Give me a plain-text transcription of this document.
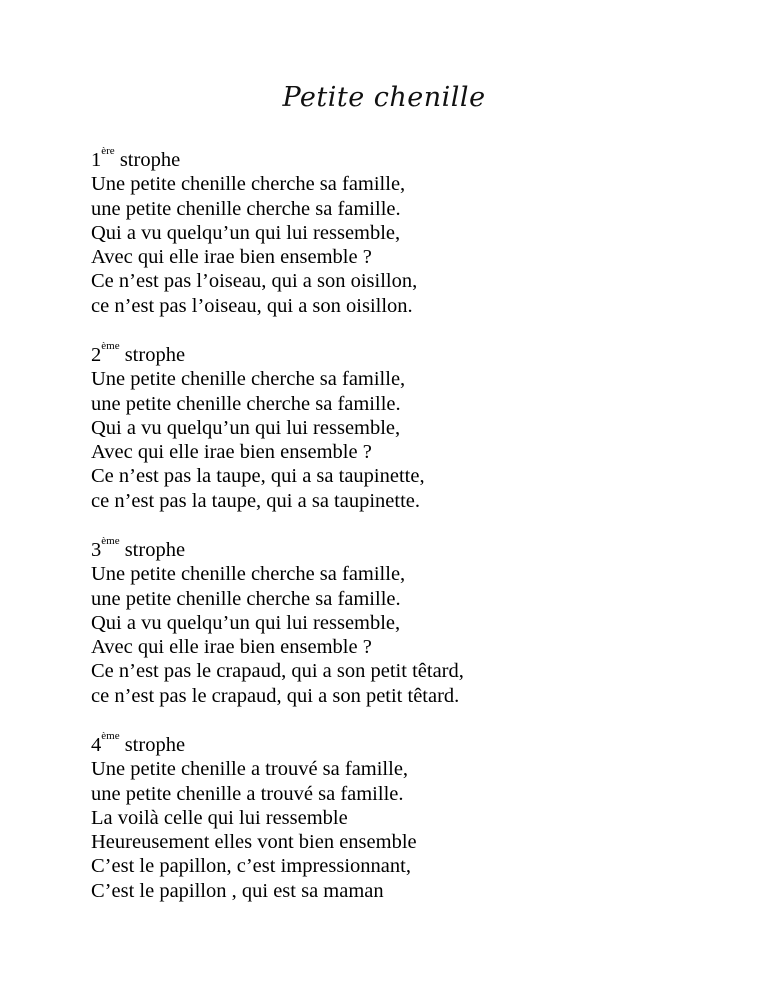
Petite chenille
1ère strophe
Une petite chenille cherche sa famille,
une petite chenille cherche sa famille.
Qui a vu quelqu’un qui lui ressemble,
Avec qui elle irae bien ensemble ?
Ce n’est pas l’oiseau, qui a son oisillon,
ce n’est pas l’oiseau, qui a son oisillon.
2ème strophe
Une petite chenille cherche sa famille,
une petite chenille cherche sa famille.
Qui a vu quelqu’un qui lui ressemble,
Avec qui elle irae bien ensemble ?
Ce n’est pas la taupe, qui a sa taupinette,
ce n’est pas la taupe, qui a sa taupinette.
3ème strophe
Une petite chenille cherche sa famille,
une petite chenille cherche sa famille.
Qui a vu quelqu’un qui lui ressemble,
Avec qui elle irae bien ensemble ?
Ce n’est pas le crapaud, qui a son petit têtard,
ce n’est pas le crapaud, qui a son petit têtard.
4ème strophe
Une petite chenille a trouvé sa famille,
une petite chenille a trouvé sa famille.
La voilà celle qui lui ressemble
Heureusement elles vont bien ensemble
C’est le papillon, c’est impressionnant,
C’est le papillon , qui est sa maman
